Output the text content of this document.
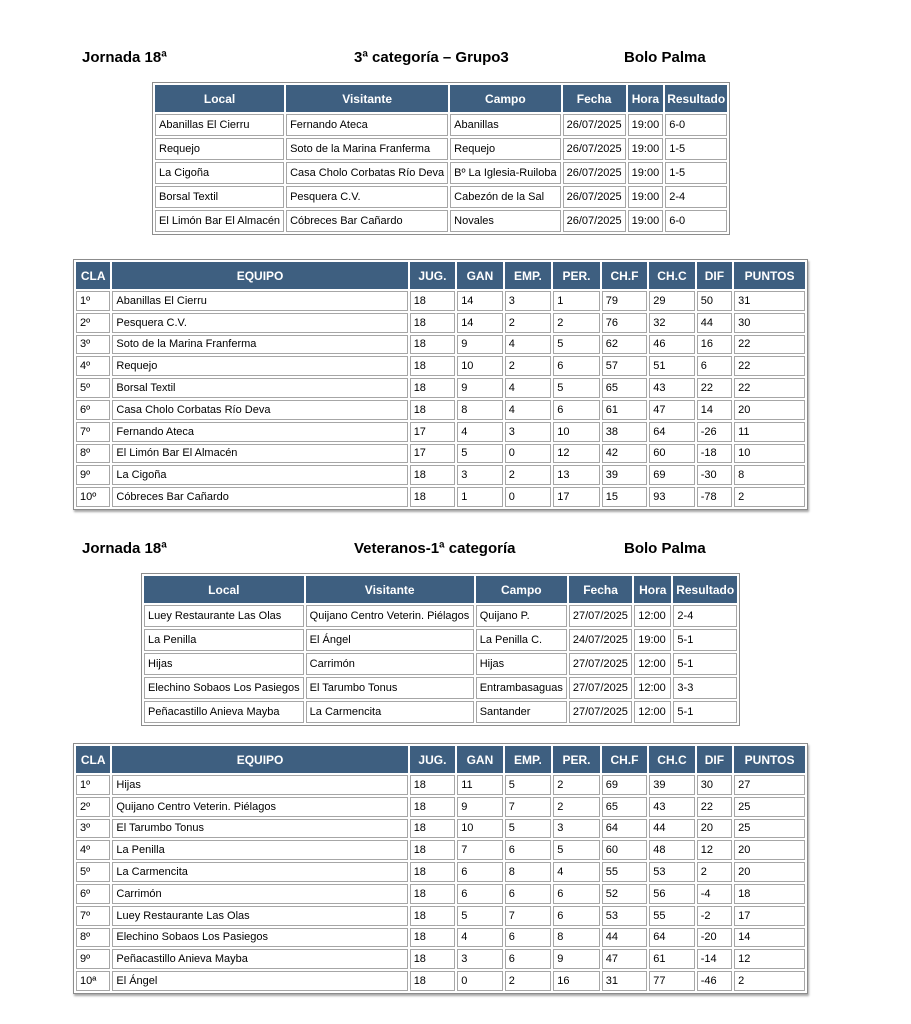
Jornada 18ª	3ª categoría – Grupo3	Bolo Palma
Local	Visitante	Campo	Fecha	Hora	Resultado
Abanillas El Cierru	Fernando Ateca	Abanillas	26/07/2025	19:00	6-0
Requejo	Soto de la Marina Franferma	Requejo	26/07/2025	19:00	1-5
La Cigoña	Casa Cholo Corbatas Río Deva	Bº La Iglesia-Ruiloba	26/07/2025	19:00	1-5
Borsal Textil	Pesquera C.V.	Cabezón de la Sal	26/07/2025	19:00	2-4
El Limón Bar El Almacén	Cóbreces Bar Cañardo	Novales	26/07/2025	19:00	6-0
CLA	EQUIPO	JUG.	GAN	EMP.	PER.	CH.F	CH.C	DIF	PUNTOS
1º	Abanillas El Cierru	18	14	3	1	79	29	50	31
2º	Pesquera C.V.	18	14	2	2	76	32	44	30
3º	Soto de la Marina Franferma	18	9	4	5	62	46	16	22
4º	Requejo	18	10	2	6	57	51	6	22
5º	Borsal Textil	18	9	4	5	65	43	22	22
6º	Casa Cholo Corbatas Río Deva	18	8	4	6	61	47	14	20
7º	Fernando Ateca	17	4	3	10	38	64	-26	11
8º	El Limón Bar El Almacén	17	5	0	12	42	60	-18	10
9º	La Cigoña	18	3	2	13	39	69	-30	8
10º	Cóbreces Bar Cañardo	18	1	0	17	15	93	-78	2
Jornada 18ª	Veteranos-1ª categoría	Bolo Palma
Local	Visitante	Campo	Fecha	Hora	Resultado
Luey Restaurante Las Olas	Quijano Centro Veterin. Piélagos	Quijano P.	27/07/2025	12:00	2-4
La Penilla	El Ángel	La Penilla C.	24/07/2025	19:00	5-1
Hijas	Carrimón	Hijas	27/07/2025	12:00	5-1
Elechino Sobaos Los Pasiegos	El Tarumbo Tonus	Entrambasaguas	27/07/2025	12:00	3-3
Peñacastillo Anieva Mayba	La Carmencita	Santander	27/07/2025	12:00	5-1
CLA	EQUIPO	JUG.	GAN	EMP.	PER.	CH.F	CH.C	DIF	PUNTOS
1º	Hijas	18	11	5	2	69	39	30	27
2º	Quijano Centro Veterin. Piélagos	18	9	7	2	65	43	22	25
3º	El Tarumbo Tonus	18	10	5	3	64	44	20	25
4º	La Penilla	18	7	6	5	60	48	12	20
5º	La Carmencita	18	6	8	4	55	53	2	20
6º	Carrimón	18	6	6	6	52	56	-4	18
7º	Luey Restaurante Las Olas	18	5	7	6	53	55	-2	17
8º	Elechino Sobaos Los Pasiegos	18	4	6	8	44	64	-20	14
9º	Peñacastillo Anieva Mayba	18	3	6	9	47	61	-14	12
10ª	El Ángel	18	0	2	16	31	77	-46	2
